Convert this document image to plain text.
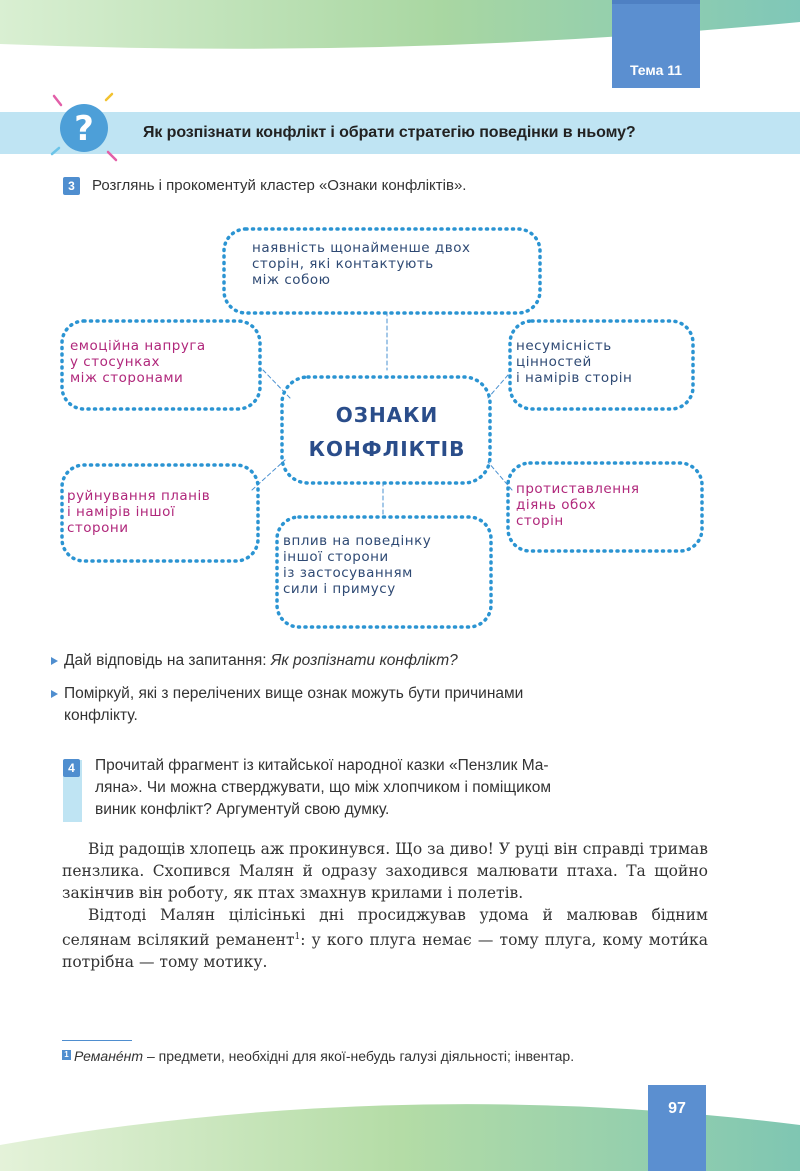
Тема 11
?	Як розпізнати конфлікт і обрати стратегію поведінки в ньому?
3	Розглянь і прокоментуй кластер «Ознаки конфліктів».
наявність щонайменше двох
сторін, які контактують
між собою
емоційна напруга
у стосунках
між сторонами
несумісність
цінностей
і намірів сторін
ОЗНАКИ
КОНФЛІКТІВ
руйнування планів
і намірів іншої
сторони
вплив на поведінку
іншої сторони
із застосуванням
сили і примусу
протиставлення
діянь обох
сторін
Дай відповідь на запитання: Як розпізнати конфлікт?
Поміркуй, які з перелічених вище ознак можуть бути причинами
конфлікту.
4	Прочитай фрагмент із китайської народної казки «Пензлик Ма-
ляна». Чи можна стверджувати, що між хлопчиком і поміщиком
виник конфлікт? Аргументуй свою думку.

Від радощів хлопець аж прокинувся. Що за диво! У руці він справді тримав пензлика. Схопився Малян й одразу заходився малювати птаха. Та щойно закінчив він роботу, як птах змахнув крилами і полетів.

Відтоді Малян цілісінькі дні просиджував удома й малював бідним селянам всілякий реманент$^1$: у кого плуга немає — тому плуга, кому моти́ка потрібна — тому мотику.

1 Реманéнт – предмети, необхідні для якої-небудь галузі діяльності; інвентар.
97
